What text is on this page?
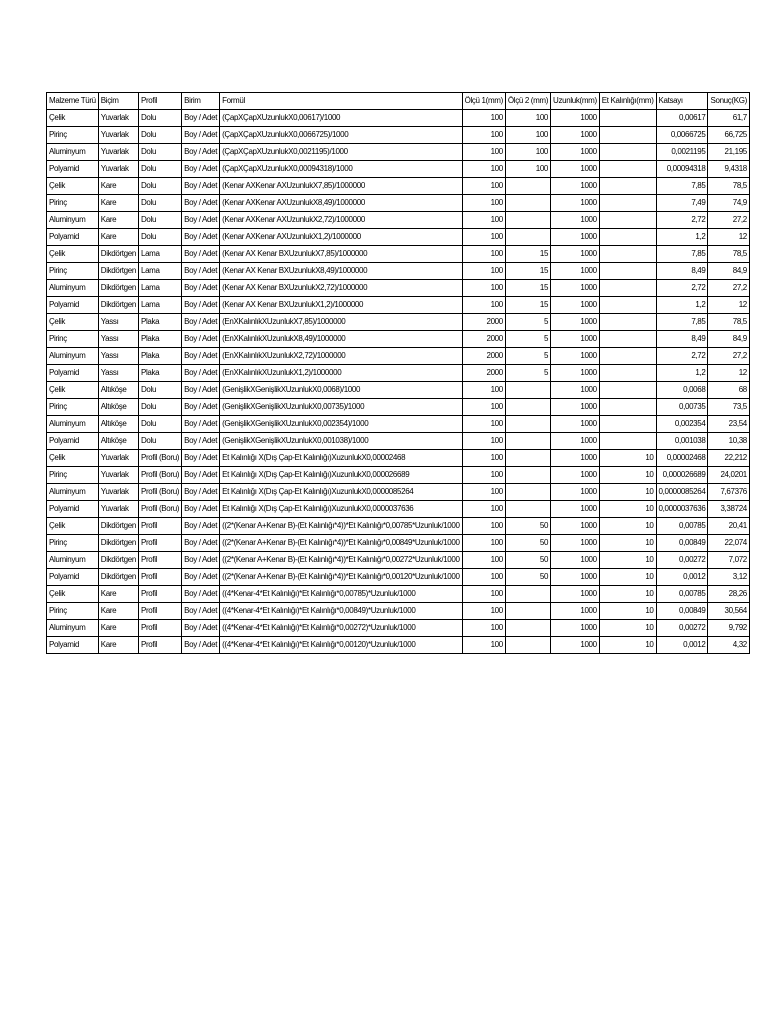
Malzeme Türü	Biçim	Profil	Birim	Formül	Ölçü 1(mm)	Ölçü 2 (mm)	Uzunluk(mm)	Et Kalınlığı(mm)	Katsayı	Sonuç(KG)
Çelik	Yuvarlak	Dolu	Boy / Adet	(ÇapXÇapXUzunlukX0,00617)/1000	100	100	1000		0,00617	61,7
Pirinç	Yuvarlak	Dolu	Boy / Adet	(ÇapXÇapXUzunlukX0,0066725)/1000	100	100	1000		0,0066725	66,725
Aluminyum	Yuvarlak	Dolu	Boy / Adet	(ÇapXÇapXUzunlukX0,0021195)/1000	100	100	1000		0,0021195	21,195
Polyamid	Yuvarlak	Dolu	Boy / Adet	(ÇapXÇapXUzunlukX0,00094318)/1000	100	100	1000		0,00094318	9,4318
Çelik	Kare	Dolu	Boy / Adet	(Kenar AXKenar AXUzunlukX7,85)/1000000	100		1000		7,85	78,5
Pirinç	Kare	Dolu	Boy / Adet	(Kenar AXKenar AXUzunlukX8,49)/1000000	100		1000		7,49	74,9
Aluminyum	Kare	Dolu	Boy / Adet	(Kenar AXKenar AXUzunlukX2,72)/1000000	100		1000		2,72	27,2
Polyamid	Kare	Dolu	Boy / Adet	(Kenar AXKenar AXUzunlukX1,2)/1000000	100		1000		1,2	12
Çelik	Dikdörtgen	Lama	Boy / Adet	(Kenar AX Kenar BXUzunlukX7,85)/1000000	100	15	1000		7,85	78,5
Pirinç	Dikdörtgen	Lama	Boy / Adet	(Kenar AX Kenar BXUzunlukX8,49)/1000000	100	15	1000		8,49	84,9
Aluminyum	Dikdörtgen	Lama	Boy / Adet	(Kenar AX Kenar BXUzunlukX2,72)/1000000	100	15	1000		2,72	27,2
Polyamid	Dikdörtgen	Lama	Boy / Adet	(Kenar AX Kenar BXUzunlukX1,2)/1000000	100	15	1000		1,2	12
Çelik	Yassı	Plaka	Boy / Adet	(EnXKalınlıkXUzunlukX7,85)/1000000	2000	5	1000		7,85	78,5
Pirinç	Yassı	Plaka	Boy / Adet	(EnXKalınlıkXUzunlukX8,49)/1000000	2000	5	1000		8,49	84,9
Aluminyum	Yassı	Plaka	Boy / Adet	(EnXKalınlıkXUzunlukX2,72)/1000000	2000	5	1000		2,72	27,2
Polyamid	Yassı	Plaka	Boy / Adet	(EnXKalınlıkXUzunlukX1,2)/1000000	2000	5	1000		1,2	12
Çelik	Altıköşe	Dolu	Boy / Adet	(GenişlikXGenişlikXUzunlukX0,0068)/1000	100		1000		0,0068	68
Pirinç	Altıköşe	Dolu	Boy / Adet	(GenişlikXGenişlikXUzunlukX0,00735)/1000	100		1000		0,00735	73,5
Aluminyum	Altıköşe	Dolu	Boy / Adet	(GenişlikXGenişlikXUzunlukX0,002354)/1000	100		1000		0,002354	23,54
Polyamid	Altıköşe	Dolu	Boy / Adet	(GenişlikXGenişlikXUzunlukX0,001038)/1000	100		1000		0,001038	10,38
Çelik	Yuvarlak	Profil (Boru)	Boy / Adet	Et Kalınlığı X(Dış Çap-Et Kalınlığı)XuzunlukX0,00002468	100		1000	10	0,00002468	22,212
Pirinç	Yuvarlak	Profil (Boru)	Boy / Adet	Et Kalınlığı X(Dış Çap-Et Kalınlığı)XuzunlukX0,000026689	100		1000	10	0,000026689	24,0201
Aluminyum	Yuvarlak	Profil (Boru)	Boy / Adet	Et Kalınlığı X(Dış Çap-Et Kalınlığı)XuzunlukX0,0000085264	100		1000	10	0,0000085264	7,67376
Polyamid	Yuvarlak	Profil (Boru)	Boy / Adet	Et Kalınlığı X(Dış Çap-Et Kalınlığı)XuzunlukX0,0000037636	100		1000	10	0,0000037636	3,38724
Çelik	Dikdörtgen	Profil	Boy / Adet	((2*(Kenar A+Kenar B)-(Et Kalınlığı*4))*Et Kalınlığı*0,00785*Uzunluk/1000	100	50	1000	10	0,00785	20,41
Pirinç	Dikdörtgen	Profil	Boy / Adet	((2*(Kenar A+Kenar B)-(Et Kalınlığı*4))*Et Kalınlığı*0,00849*Uzunluk/1000	100	50	1000	10	0,00849	22,074
Aluminyum	Dikdörtgen	Profil	Boy / Adet	((2*(Kenar A+Kenar B)-(Et Kalınlığı*4))*Et Kalınlığı*0,00272*Uzunluk/1000	100	50	1000	10	0,00272	7,072
Polyamid	Dikdörtgen	Profil	Boy / Adet	((2*(Kenar A+Kenar B)-(Et Kalınlığı*4))*Et Kalınlığı*0,00120*Uzunluk/1000	100	50	1000	10	0,0012	3,12
Çelik	Kare	Profil	Boy / Adet	((4*Kenar-4*Et Kalınlığı)*Et Kalınlığı*0,00785)*Uzunluk/1000	100		1000	10	0,00785	28,26
Pirinç	Kare	Profil	Boy / Adet	((4*Kenar-4*Et Kalınlığı)*Et Kalınlığı*0,00849)*Uzunluk/1000	100		1000	10	0,00849	30,564
Aluminyum	Kare	Profil	Boy / Adet	((4*Kenar-4*Et Kalınlığı)*Et Kalınlığı*0,00272)*Uzunluk/1000	100		1000	10	0,00272	9,792
Polyamid	Kare	Profil	Boy / Adet	((4*Kenar-4*Et Kalınlığı)*Et Kalınlığı*0,00120)*Uzunluk/1000	100		1000	10	0,0012	4,32
